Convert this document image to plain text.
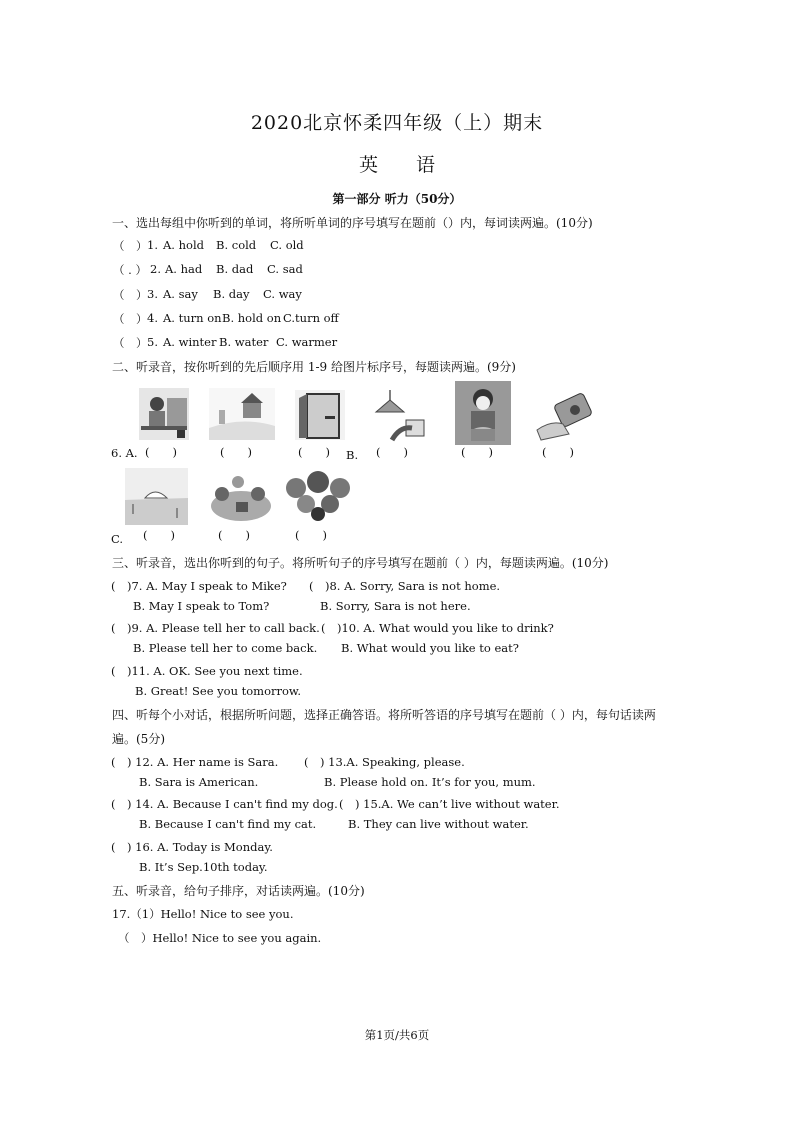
2020北京怀柔四年级（上）期末
英　　语
第一部分 听力（50分）
一、选出每组中你听到的单词，将所听单词的序号填写在题前（）内，每词读两遍。(10分)
（　） 1. A. hold B. cold C. old
（ . ） 2. A. had B. dad C. sad
（　） 3. A. say B. day C. way
（　） 4. A. turn on B. hold on C.turn off
（　） 5. A. winter B. water C. warmer
二、听录音，按你听到的先后顺序用 1-9 给图片标序号，每题读两遍。(9分)
6. A. (　　)	(　　)	(　　) B. (　　)	(　　)	(　　)
C. (　　)	(　　)	(　　)
三、听录音，选出你听到的句子。将所听句子的序号填写在题前（ ）内，每题读两遍。(10分)
(　)7. A. May I speak to Mike? (　)8. A. Sorry, Sara is not home.
B. May I speak to Tom?	B. Sorry, Sara is not here.
(　)9. A. Please tell her to call back. (　)10. A. What would you like to drink?
B. Please tell her to come back. B. What would you like to eat?
(　)11. A. OK. See you next time.
B. Great! See you tomorrow.
四、听每个小对话，根据所听问题，选择正确答语。将所听答语的序号填写在题前（ ）内，每句话读两
遍。(5分)
(　) 12. A. Her name is Sara. (　) 13.A. Speaking, please.
B. Sara is American.	B. Please hold on. It’s for you, mum.
(　) 14. A. Because I can't find my dog. (　) 15.A. We can’t live without water.
B. Because I can't find my cat.	B. They can live without water.
(　) 16. A. Today is Monday.
B. It’s Sep.10th today.
五、听录音，给句子排序，对话读两遍。(10分)
17.（1）Hello! Nice to see you.
（　）Hello! Nice to see you again.
第1页/共6页
